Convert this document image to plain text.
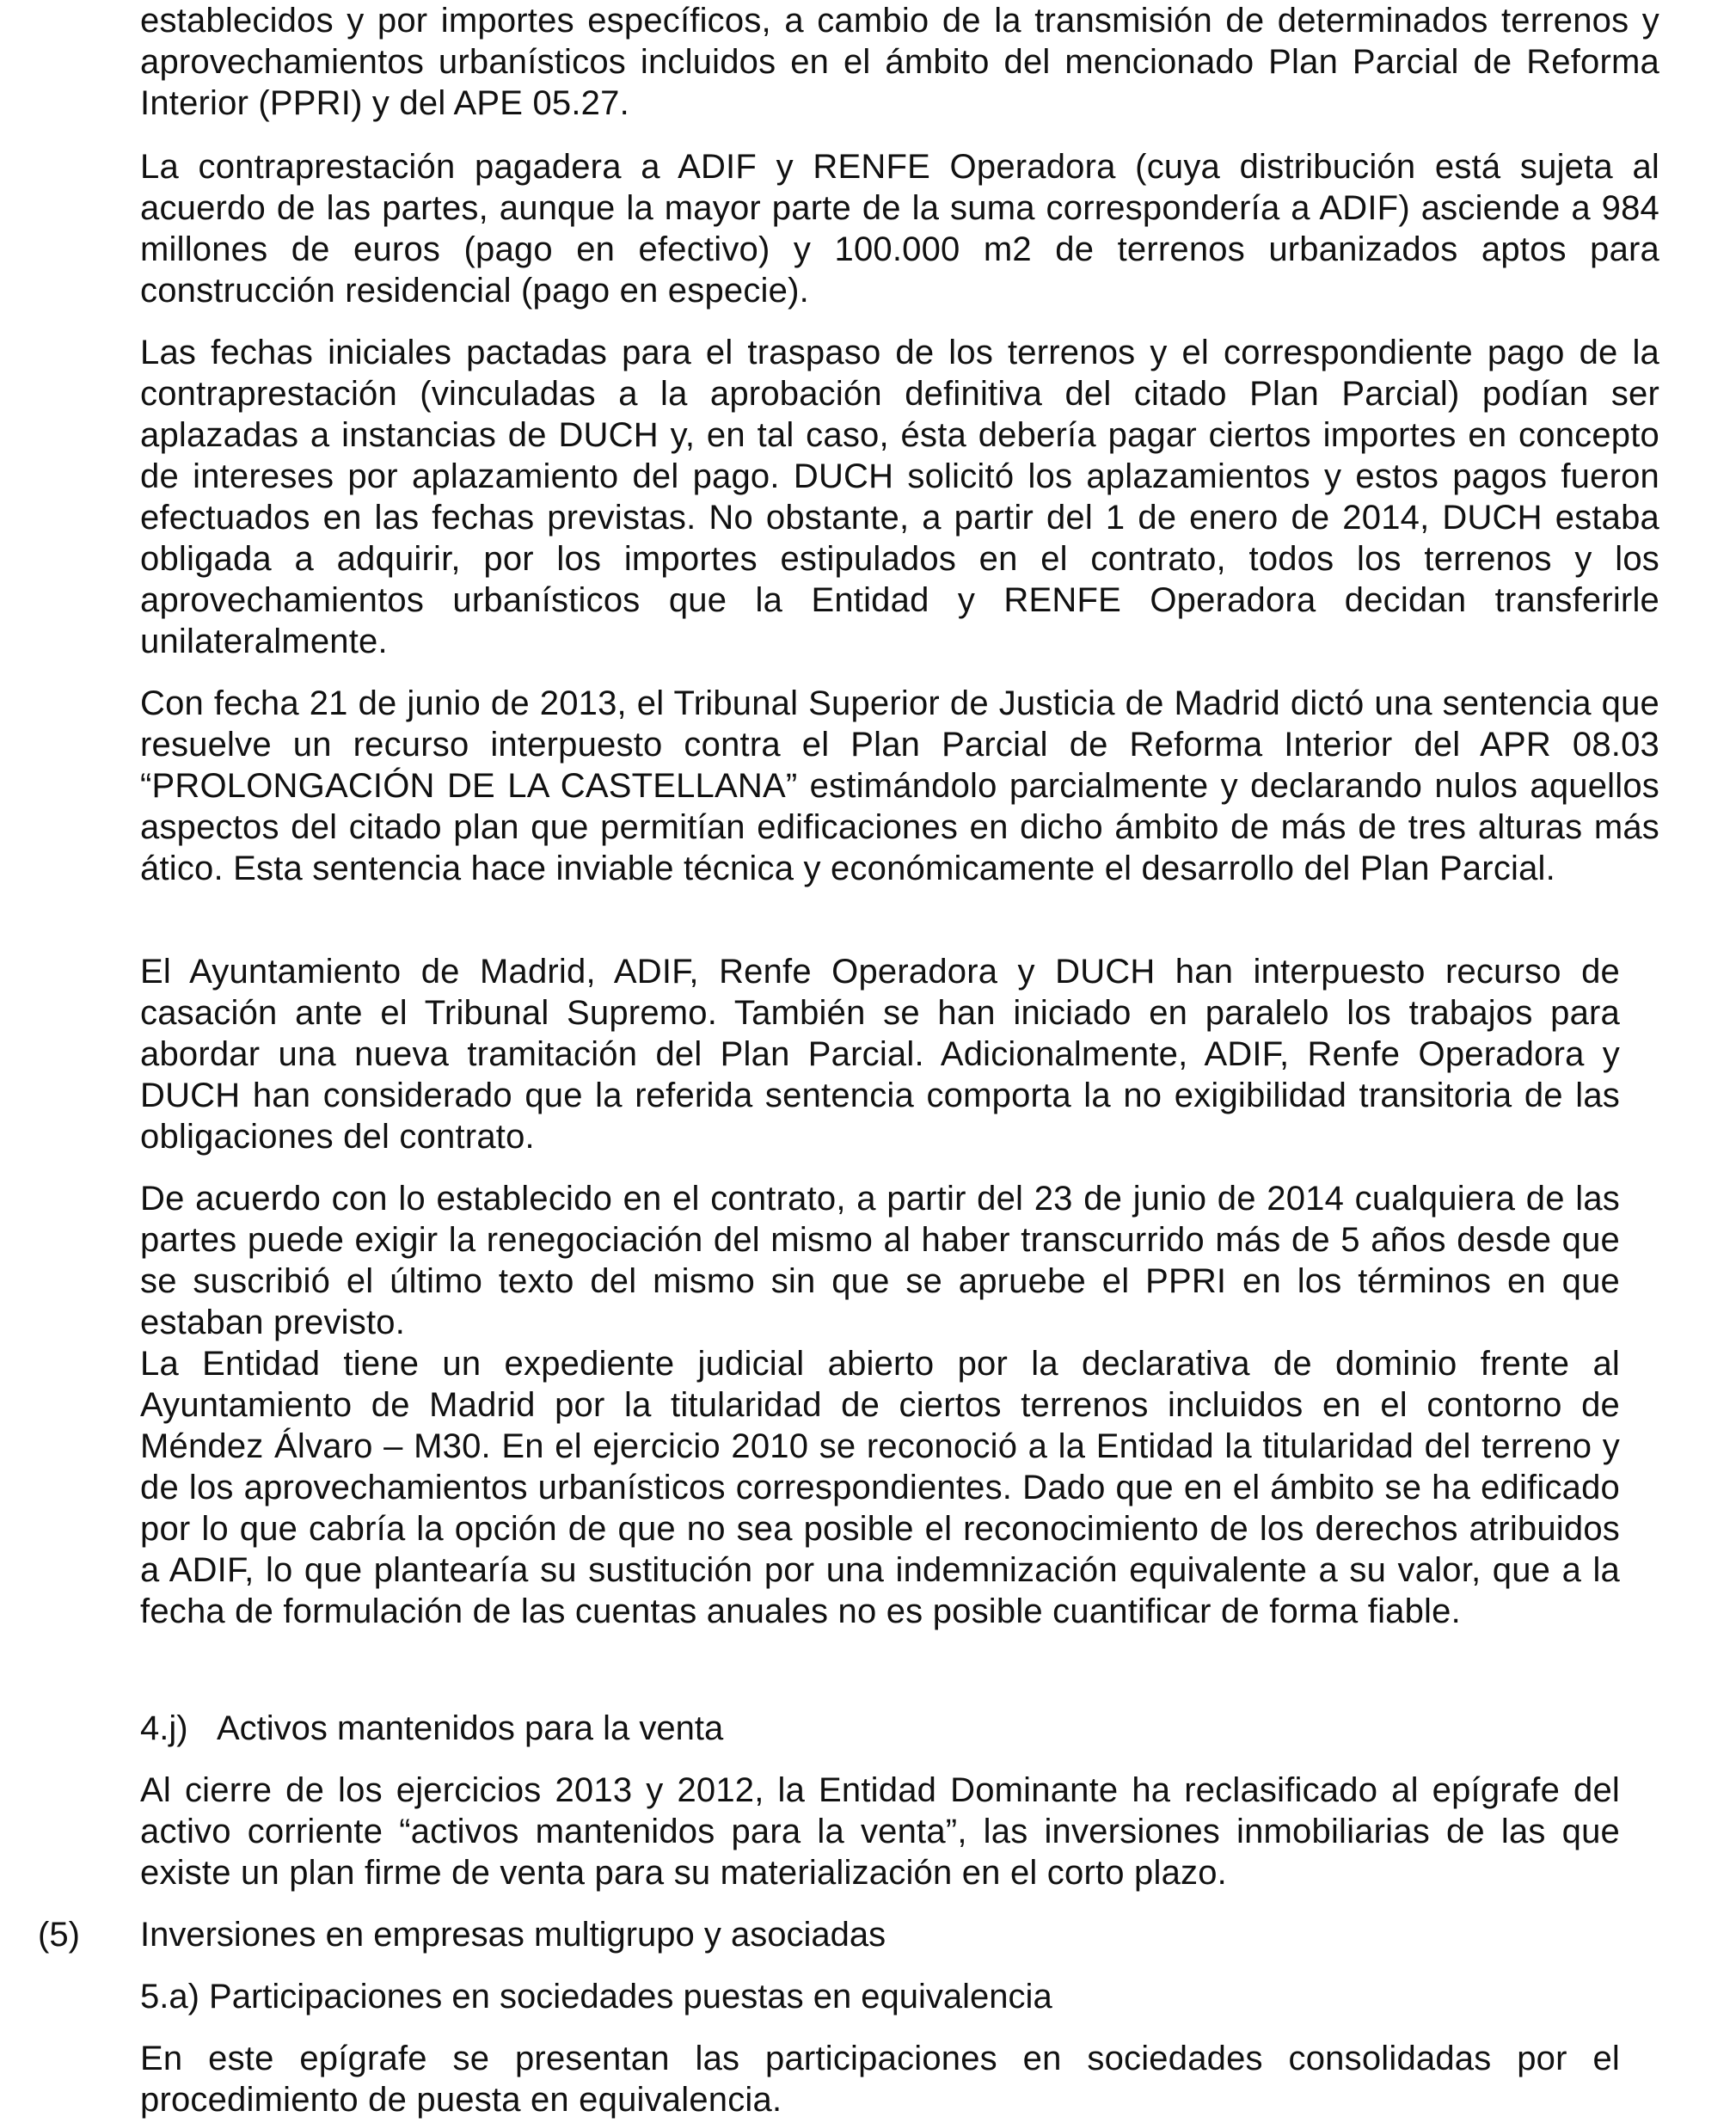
establecidos y por importes específicos, a cambio de la transmisión de determinados terrenos y aprovechamientos urbanísticos incluidos en el ámbito del mencionado Plan Parcial de Reforma Interior (PPRI) y del APE 05.27.

La contraprestación pagadera a ADIF y RENFE Operadora (cuya distribución está sujeta al acuerdo de las partes, aunque la mayor parte de la suma correspondería a ADIF) asciende a 984 millones de euros (pago en efectivo) y 100.000 m2 de terrenos urbanizados aptos para construcción residencial (pago en especie).

Las fechas iniciales pactadas para el traspaso de los terrenos y el correspondiente pago de la contraprestación (vinculadas a la aprobación definitiva del citado Plan Parcial) podían ser aplazadas a instancias de DUCH y, en tal caso, ésta debería pagar ciertos importes en concepto de intereses por aplazamiento del pago. DUCH solicitó los aplazamientos y estos pagos fueron efectuados en las fechas previstas. No obstante, a partir del 1 de enero de 2014, DUCH estaba obligada a adquirir, por los importes estipulados en el contrato, todos los terrenos y los aprovechamientos urbanísticos que la Entidad y RENFE Operadora decidan transferirle unilateralmente.

Con fecha 21 de junio de 2013, el Tribunal Superior de Justicia de Madrid dictó una sentencia que resuelve un recurso interpuesto contra el Plan Parcial de Reforma Interior del APR 08.03 “PROLONGACIÓN DE LA CASTELLANA” estimándolo parcialmente y declarando nulos aquellos aspectos del citado plan que permitían edificaciones en dicho ámbito de más de tres alturas más ático. Esta sentencia hace inviable técnica y económicamente el desarrollo del Plan Parcial.

El Ayuntamiento de Madrid, ADIF, Renfe Operadora y DUCH han interpuesto recurso de casación ante el Tribunal Supremo. También se han iniciado en paralelo los trabajos para abordar una nueva tramitación del Plan Parcial. Adicionalmente, ADIF, Renfe Operadora y DUCH han considerado que la referida sentencia comporta la no exigibilidad transitoria de las obligaciones del contrato.

De acuerdo con lo establecido en el contrato, a partir del 23 de junio de 2014 cualquiera de las partes puede exigir la renegociación del mismo al haber transcurrido más de 5 años desde que se suscribió el último texto del mismo sin que se apruebe el PPRI en los términos en que estaban previsto.

La Entidad tiene un expediente judicial abierto por la declarativa de dominio frente al Ayuntamiento de Madrid por la titularidad de ciertos terrenos incluidos en el contorno de Méndez Álvaro – M30. En el ejercicio 2010 se reconoció a la Entidad la titularidad del terreno y de los aprovechamientos urbanísticos correspondientes. Dado que en el ámbito se ha edificado por lo que cabría la opción de que no sea posible el reconocimiento de los derechos atribuidos a ADIF, lo que plantearía su sustitución por una indemnización equivalente a su valor, que a la fecha de formulación de las cuentas anuales no es posible cuantificar de forma fiable.

4.j) Activos mantenidos para la venta

Al cierre de los ejercicios 2013 y 2012, la Entidad Dominante ha reclasificado al epígrafe del activo corriente “activos mantenidos para la venta”, las inversiones inmobiliarias de las que existe un plan firme de venta para su materialización en el corto plazo.

(5) Inversiones en empresas multigrupo y asociadas
5.a) Participaciones en sociedades puestas en equivalencia

En este epígrafe se presentan las participaciones en sociedades consolidadas por el procedimiento de puesta en equivalencia.
